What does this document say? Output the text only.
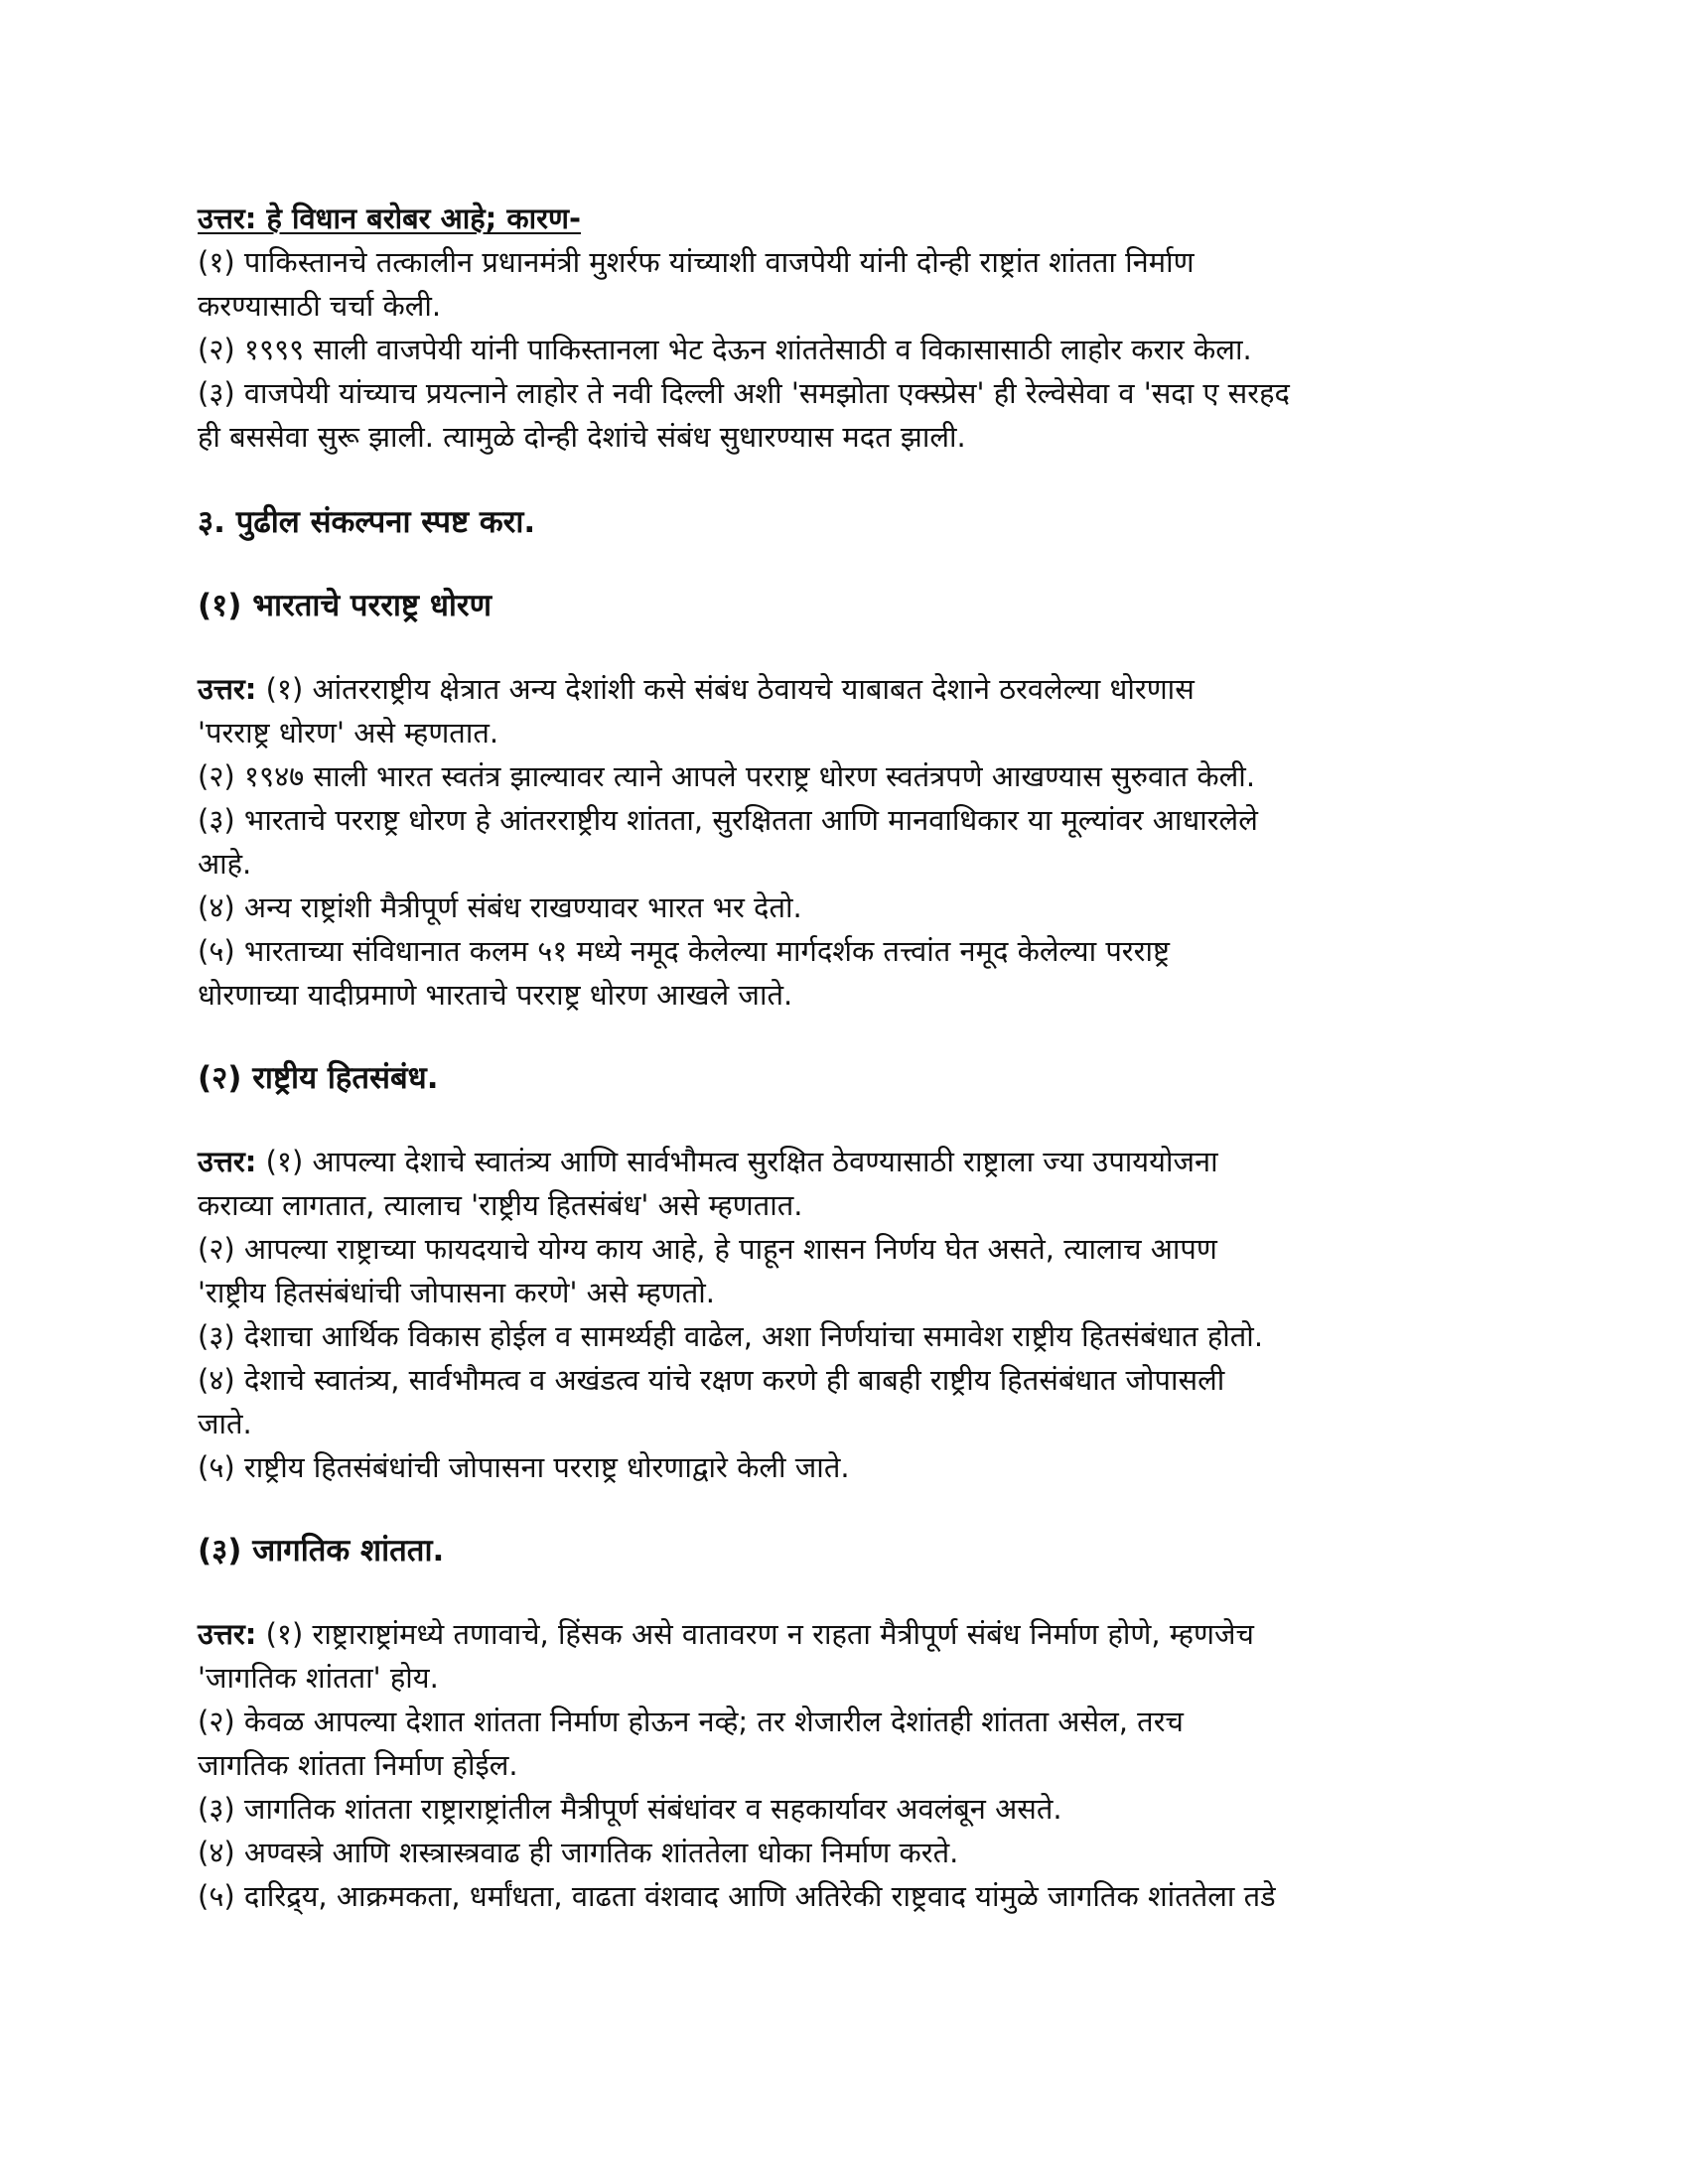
उत्तर: हे विधान बरोबर आहे; कारण-
(१) पाकिस्तानचे तत्कालीन प्रधानमंत्री मुशर्रफ यांच्याशी वाजपेयी यांनी दोन्ही राष्ट्रांत शांतता निर्माण
करण्यासाठी चर्चा केली.
(२) १९९९ साली वाजपेयी यांनी पाकिस्तानला भेट देऊन शांततेसाठी व विकासासाठी लाहोर करार केला.
(३) वाजपेयी यांच्याच प्रयत्नाने लाहोर ते नवी दिल्ली अशी 'समझोता एक्स्प्रेस' ही रेल्वेसेवा व 'सदा ए सरहद
ही बससेवा सुरू झाली. त्यामुळे दोन्ही देशांचे संबंध सुधारण्यास मदत झाली.
३. पुढील संकल्पना स्पष्ट करा.
(१) भारताचे परराष्ट्र धोरण
उत्तर: (१) आंतरराष्ट्रीय क्षेत्रात अन्य देशांशी कसे संबंध ठेवायचे याबाबत देशाने ठरवलेल्या धोरणास
'परराष्ट्र धोरण' असे म्हणतात.
(२) १९४७ साली भारत स्वतंत्र झाल्यावर त्याने आपले परराष्ट्र धोरण स्वतंत्रपणे आखण्यास सुरुवात केली.
(३) भारताचे परराष्ट्र धोरण हे आंतरराष्ट्रीय शांतता, सुरक्षितता आणि मानवाधिकार या मूल्यांवर आधारलेले
आहे.
(४) अन्य राष्ट्रांशी मैत्रीपूर्ण संबंध राखण्यावर भारत भर देतो.
(५) भारताच्या संविधानात कलम ५१ मध्ये नमूद केलेल्या मार्गदर्शक तत्त्वांत नमूद केलेल्या परराष्ट्र
धोरणाच्या यादीप्रमाणे भारताचे परराष्ट्र धोरण आखले जाते.
(२) राष्ट्रीय हितसंबंध.
उत्तर: (१) आपल्या देशाचे स्वातंत्र्य आणि सार्वभौमत्व सुरक्षित ठेवण्यासाठी राष्ट्राला ज्या उपाययोजना
कराव्या लागतात, त्यालाच 'राष्ट्रीय हितसंबंध' असे म्हणतात.
(२) आपल्या राष्ट्राच्या फायदयाचे योग्य काय आहे, हे पाहून शासन निर्णय घेत असते, त्यालाच आपण
'राष्ट्रीय हितसंबंधांची जोपासना करणे' असे म्हणतो.
(३) देशाचा आर्थिक विकास होईल व सामर्थ्यही वाढेल, अशा निर्णयांचा समावेश राष्ट्रीय हितसंबंधात होतो.
(४) देशाचे स्वातंत्र्य, सार्वभौमत्व व अखंडत्व यांचे रक्षण करणे ही बाबही राष्ट्रीय हितसंबंधात जोपासली
जाते.
(५) राष्ट्रीय हितसंबंधांची जोपासना परराष्ट्र धोरणाद्वारे केली जाते.
(३) जागतिक शांतता.
उत्तर: (१) राष्ट्राराष्ट्रांमध्ये तणावाचे, हिंसक असे वातावरण न राहता मैत्रीपूर्ण संबंध निर्माण होणे, म्हणजेच
'जागतिक शांतता' होय.
(२) केवळ आपल्या देशात शांतता निर्माण होऊन नव्हे; तर शेजारील देशांतही शांतता असेल, तरच
जागतिक शांतता निर्माण होईल.
(३) जागतिक शांतता राष्ट्राराष्ट्रांतील मैत्रीपूर्ण संबंधांवर व सहकार्यावर अवलंबून असते.
(४) अण्वस्त्रे आणि शस्त्रास्त्रवाढ ही जागतिक शांततेला धोका निर्माण करते.
(५) दारिद्र्य, आक्रमकता, धर्मांधता, वाढता वंशवाद आणि अतिरेकी राष्ट्रवाद यांमुळे जागतिक शांततेला तडे
